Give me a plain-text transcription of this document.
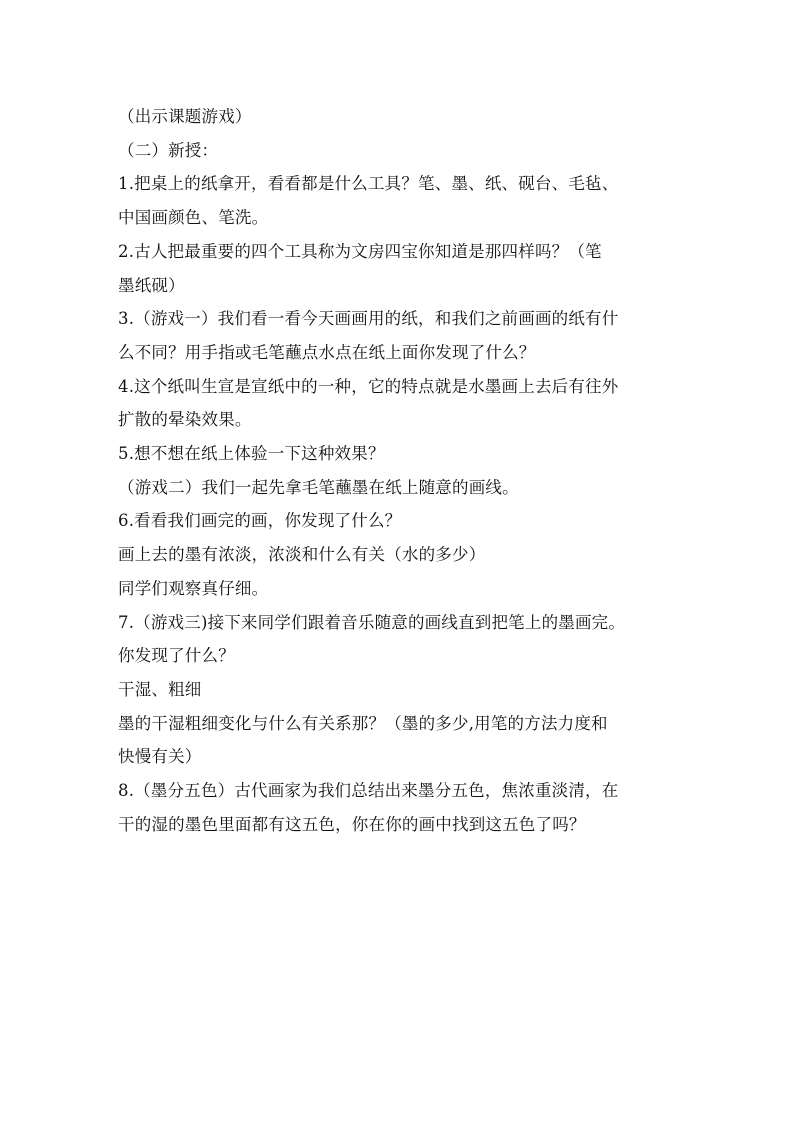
（出示课题游戏）

（二）新授：

1.把桌上的纸拿开，看看都是什么工具？笔、墨、纸、砚台、毛毡、

中国画颜色、笔洗。

2.古人把最重要的四个工具称为文房四宝你知道是那四样吗？（笔

墨纸砚）

3.（游戏一）我们看一看今天画画用的纸，和我们之前画画的纸有什

么不同？用手指或毛笔蘸点水点在纸上面你发现了什么？

4.这个纸叫生宣是宣纸中的一种，它的特点就是水墨画上去后有往外

扩散的晕染效果。

5.想不想在纸上体验一下这种效果？

（游戏二）我们一起先拿毛笔蘸墨在纸上随意的画线。

6.看看我们画完的画，你发现了什么？

画上去的墨有浓淡，浓淡和什么有关（水的多少）

同学们观察真仔细。

7.（游戏三)接下来同学们跟着音乐随意的画线直到把笔上的墨画完。

你发现了什么？

干湿、粗细

墨的干湿粗细变化与什么有关系那？（墨的多少,用笔的方法力度和

快慢有关）

8.（墨分五色）古代画家为我们总结出来墨分五色，焦浓重淡清，在

干的湿的墨色里面都有这五色，你在你的画中找到这五色了吗？
